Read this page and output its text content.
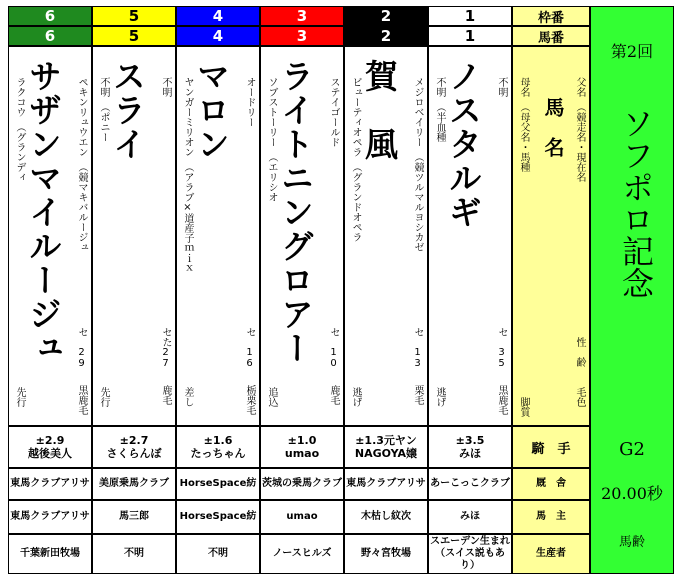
1
1
不明
ノスタルギ
不明　（半血種
セ　35
黒鹿毛
逃げ
±3.5
みほ
あーこっこクラブ
みほ
スエーデン生まれ（スイス説もあり）
2
2
メジロベイリー　（競ツルマルヨシカゼ
賀　風
ビューティオペラ　（グランドオペラ
セ　13
栗毛
逃げ
±1.3元ヤン
NAGOYA嬢
東馬クラブアリサ
木枯し紋次
野々宮牧場
3
3
ステイゴールド
ライトニングロアー
ソブストーリー　（エリシオ
セ　10
鹿毛
追込
±1.0
umao
茨城の乗馬クラブ
umao
ノースヒルズ
4
4
オードリー
マロン
ヤンガーミリオン　（アラブ×道産子ｍｉｘ
セ　16
栃栗毛
差し
±1.6
たっちゃん
HorseSpace紡
HorseSpace紡
不明
5
5
不明
スライ
不明　（ポニー
セた27
鹿毛
先行
±2.7
さくらんぼ
美原乗馬クラブ
馬三郎
不明
6
6
ペキンリュウエン　（競マキバルージュ
サザンマイルージュ
ラクコウ　（グランディ
セ　29
黒鹿毛
先行
±2.9
越後美人
東馬クラブアリサ
東馬クラブアリサ
千葉新田牧場
枠番
馬番
父名　（競走名・現在名
馬　名
母名　（母父名・馬種
性
齢
毛色
脚質
騎　手
厩　舎
馬　主
生産者
第2回
ソフポロ記念
G2
20.00秒
馬齢
